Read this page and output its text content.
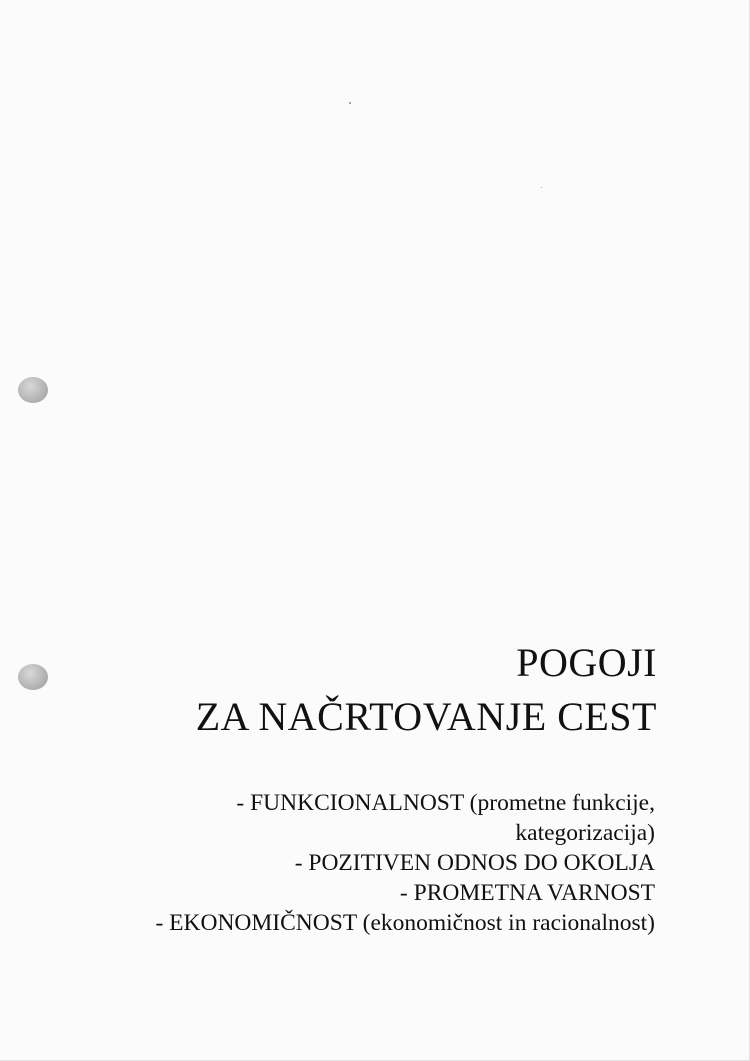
POGOJI
ZA NAČRTOVANJE CEST
- FUNKCIONALNOST (prometne funkcije,
kategorizacija)
- POZITIVEN ODNOS DO OKOLJA
- PROMETNA VARNOST
- EKONOMIČNOST (ekonomičnost in racionalnost)
